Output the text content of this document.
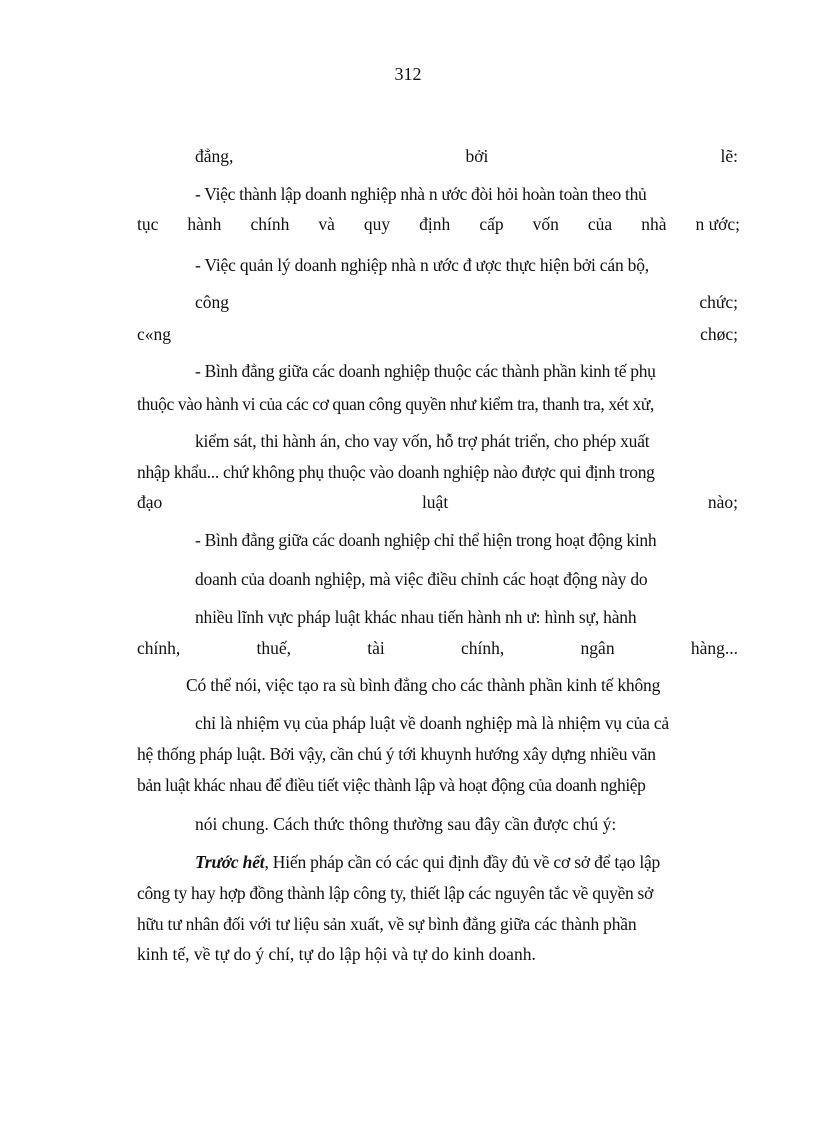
312
đẳng,	bởi	lẽ:
- Việc thành lập doanh nghiệp nhà n ước đòi hỏi hoàn toàn theo thủ
tục hành chính và quy định cấp vốn của nhà n ước;
- Việc quản lý doanh nghiệp nhà n ước đ ược thực hiện bởi cán bộ,
công	chức;
c«ng	chøc;
- Bình đẳng giữa các doanh nghiệp thuộc các thành phần kinh tế phụ
thuộc vào hành vi của các cơ quan công quyền như kiểm tra, thanh tra, xét xử,
kiểm sát, thi hành án, cho vay vốn, hỗ trợ phát triển, cho phép xuất
nhập khẩu... chứ không phụ thuộc vào doanh nghiệp nào được qui định trong
đạo	luật	nào;
- Bình đẳng giữa các doanh nghiệp chỉ thể hiện trong hoạt động kinh
doanh của doanh nghiệp, mà việc điều chỉnh các hoạt động này do
nhiều lĩnh vực pháp luật khác nhau tiến hành nh ư: hình sự, hành
chính,	thuế,	tài	chính,	ngân	hàng...
Có thể nói, việc tạo ra sù bình đẳng cho các thành phần kinh tế không
chỉ là nhiệm vụ của pháp luật về doanh nghiệp mà là nhiệm vụ của cả
hệ thống pháp luật. Bởi vậy, cần chú ý tới khuynh hướng xây dựng nhiều văn
bản luật khác nhau để điều tiết việc thành lập và hoạt động của doanh nghiệp
nói chung. Cách thức thông thường sau đây cần được chú ý:
Trước hết, Hiến pháp cần có các qui định đầy đủ về cơ sở để tạo lập
công ty hay hợp đồng thành lập công ty, thiết lập các nguyên tắc về quyền sở
hữu tư nhân đối với tư liệu sản xuất, về sự bình đẳng giữa các thành phần
kinh tế, về tự do ý chí, tự do lập hội và tự do kinh doanh.
